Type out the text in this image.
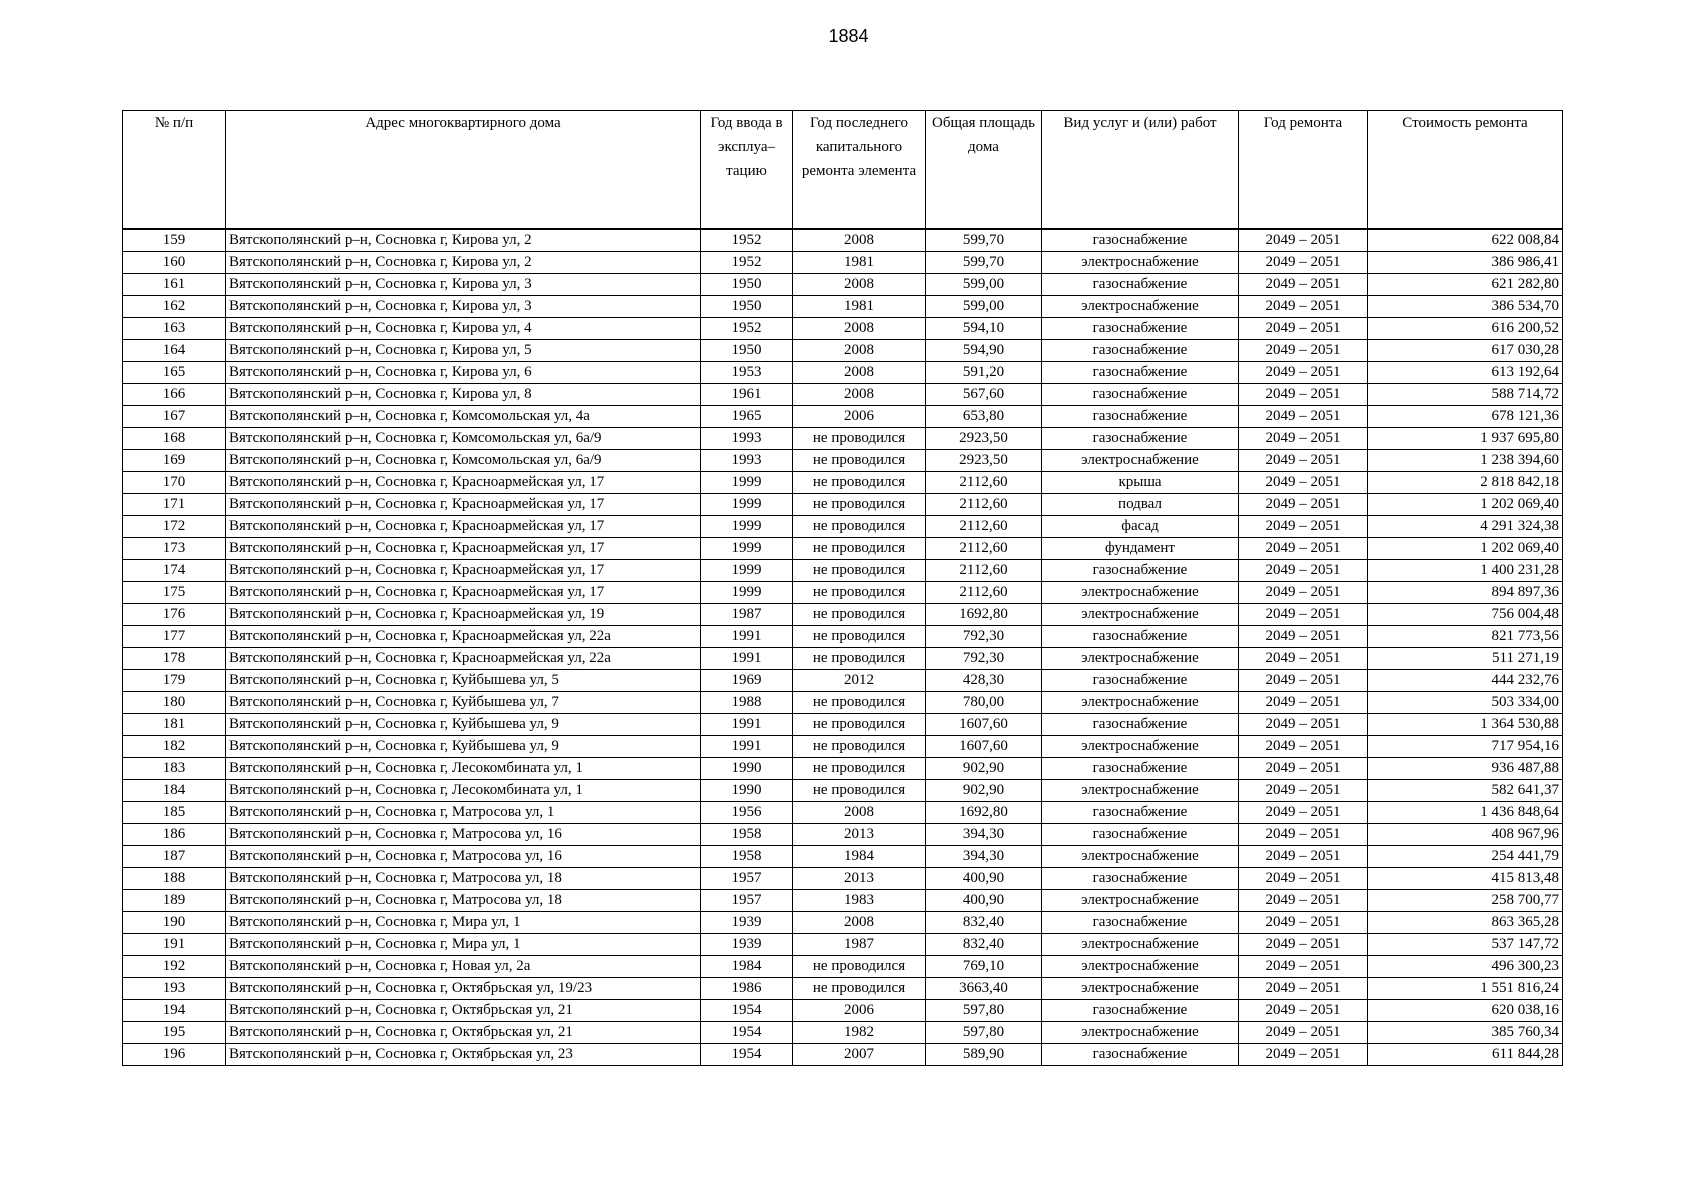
1884
№ п/п	Адрес многоквартирного дома	Год ввода в эксплуа– тацию	Год последнего капитального ремонта элемента	Общая площадь дома	Вид услуг и (или) работ	Год ремонта	Стоимость ремонта
159	Вятскополянский р–н, Сосновка г, Кирова ул, 2	1952	2008	599,70	газоснабжение	2049 – 2051	622 008,84
160	Вятскополянский р–н, Сосновка г, Кирова ул, 2	1952	1981	599,70	электроснабжение	2049 – 2051	386 986,41
161	Вятскополянский р–н, Сосновка г, Кирова ул, 3	1950	2008	599,00	газоснабжение	2049 – 2051	621 282,80
162	Вятскополянский р–н, Сосновка г, Кирова ул, 3	1950	1981	599,00	электроснабжение	2049 – 2051	386 534,70
163	Вятскополянский р–н, Сосновка г, Кирова ул, 4	1952	2008	594,10	газоснабжение	2049 – 2051	616 200,52
164	Вятскополянский р–н, Сосновка г, Кирова ул, 5	1950	2008	594,90	газоснабжение	2049 – 2051	617 030,28
165	Вятскополянский р–н, Сосновка г, Кирова ул, 6	1953	2008	591,20	газоснабжение	2049 – 2051	613 192,64
166	Вятскополянский р–н, Сосновка г, Кирова ул, 8	1961	2008	567,60	газоснабжение	2049 – 2051	588 714,72
167	Вятскополянский р–н, Сосновка г, Комсомольская ул, 4а	1965	2006	653,80	газоснабжение	2049 – 2051	678 121,36
168	Вятскополянский р–н, Сосновка г, Комсомольская ул, 6а/9	1993	не проводился	2923,50	газоснабжение	2049 – 2051	1 937 695,80
169	Вятскополянский р–н, Сосновка г, Комсомольская ул, 6а/9	1993	не проводился	2923,50	электроснабжение	2049 – 2051	1 238 394,60
170	Вятскополянский р–н, Сосновка г, Красноармейская ул, 17	1999	не проводился	2112,60	крыша	2049 – 2051	2 818 842,18
171	Вятскополянский р–н, Сосновка г, Красноармейская ул, 17	1999	не проводился	2112,60	подвал	2049 – 2051	1 202 069,40
172	Вятскополянский р–н, Сосновка г, Красноармейская ул, 17	1999	не проводился	2112,60	фасад	2049 – 2051	4 291 324,38
173	Вятскополянский р–н, Сосновка г, Красноармейская ул, 17	1999	не проводился	2112,60	фундамент	2049 – 2051	1 202 069,40
174	Вятскополянский р–н, Сосновка г, Красноармейская ул, 17	1999	не проводился	2112,60	газоснабжение	2049 – 2051	1 400 231,28
175	Вятскополянский р–н, Сосновка г, Красноармейская ул, 17	1999	не проводился	2112,60	электроснабжение	2049 – 2051	894 897,36
176	Вятскополянский р–н, Сосновка г, Красноармейская ул, 19	1987	не проводился	1692,80	электроснабжение	2049 – 2051	756 004,48
177	Вятскополянский р–н, Сосновка г, Красноармейская ул, 22а	1991	не проводился	792,30	газоснабжение	2049 – 2051	821 773,56
178	Вятскополянский р–н, Сосновка г, Красноармейская ул, 22а	1991	не проводился	792,30	электроснабжение	2049 – 2051	511 271,19
179	Вятскополянский р–н, Сосновка г, Куйбышева ул, 5	1969	2012	428,30	газоснабжение	2049 – 2051	444 232,76
180	Вятскополянский р–н, Сосновка г, Куйбышева ул, 7	1988	не проводился	780,00	электроснабжение	2049 – 2051	503 334,00
181	Вятскополянский р–н, Сосновка г, Куйбышева ул, 9	1991	не проводился	1607,60	газоснабжение	2049 – 2051	1 364 530,88
182	Вятскополянский р–н, Сосновка г, Куйбышева ул, 9	1991	не проводился	1607,60	электроснабжение	2049 – 2051	717 954,16
183	Вятскополянский р–н, Сосновка г, Лесокомбината ул, 1	1990	не проводился	902,90	газоснабжение	2049 – 2051	936 487,88
184	Вятскополянский р–н, Сосновка г, Лесокомбината ул, 1	1990	не проводился	902,90	электроснабжение	2049 – 2051	582 641,37
185	Вятскополянский р–н, Сосновка г, Матросова ул, 1	1956	2008	1692,80	газоснабжение	2049 – 2051	1 436 848,64
186	Вятскополянский р–н, Сосновка г, Матросова ул, 16	1958	2013	394,30	газоснабжение	2049 – 2051	408 967,96
187	Вятскополянский р–н, Сосновка г, Матросова ул, 16	1958	1984	394,30	электроснабжение	2049 – 2051	254 441,79
188	Вятскополянский р–н, Сосновка г, Матросова ул, 18	1957	2013	400,90	газоснабжение	2049 – 2051	415 813,48
189	Вятскополянский р–н, Сосновка г, Матросова ул, 18	1957	1983	400,90	электроснабжение	2049 – 2051	258 700,77
190	Вятскополянский р–н, Сосновка г, Мира ул, 1	1939	2008	832,40	газоснабжение	2049 – 2051	863 365,28
191	Вятскополянский р–н, Сосновка г, Мира ул, 1	1939	1987	832,40	электроснабжение	2049 – 2051	537 147,72
192	Вятскополянский р–н, Сосновка г, Новая ул, 2а	1984	не проводился	769,10	электроснабжение	2049 – 2051	496 300,23
193	Вятскополянский р–н, Сосновка г, Октябрьская ул, 19/23	1986	не проводился	3663,40	электроснабжение	2049 – 2051	1 551 816,24
194	Вятскополянский р–н, Сосновка г, Октябрьская ул, 21	1954	2006	597,80	газоснабжение	2049 – 2051	620 038,16
195	Вятскополянский р–н, Сосновка г, Октябрьская ул, 21	1954	1982	597,80	электроснабжение	2049 – 2051	385 760,34
196	Вятскополянский р–н, Сосновка г, Октябрьская ул, 23	1954	2007	589,90	газоснабжение	2049 – 2051	611 844,28
